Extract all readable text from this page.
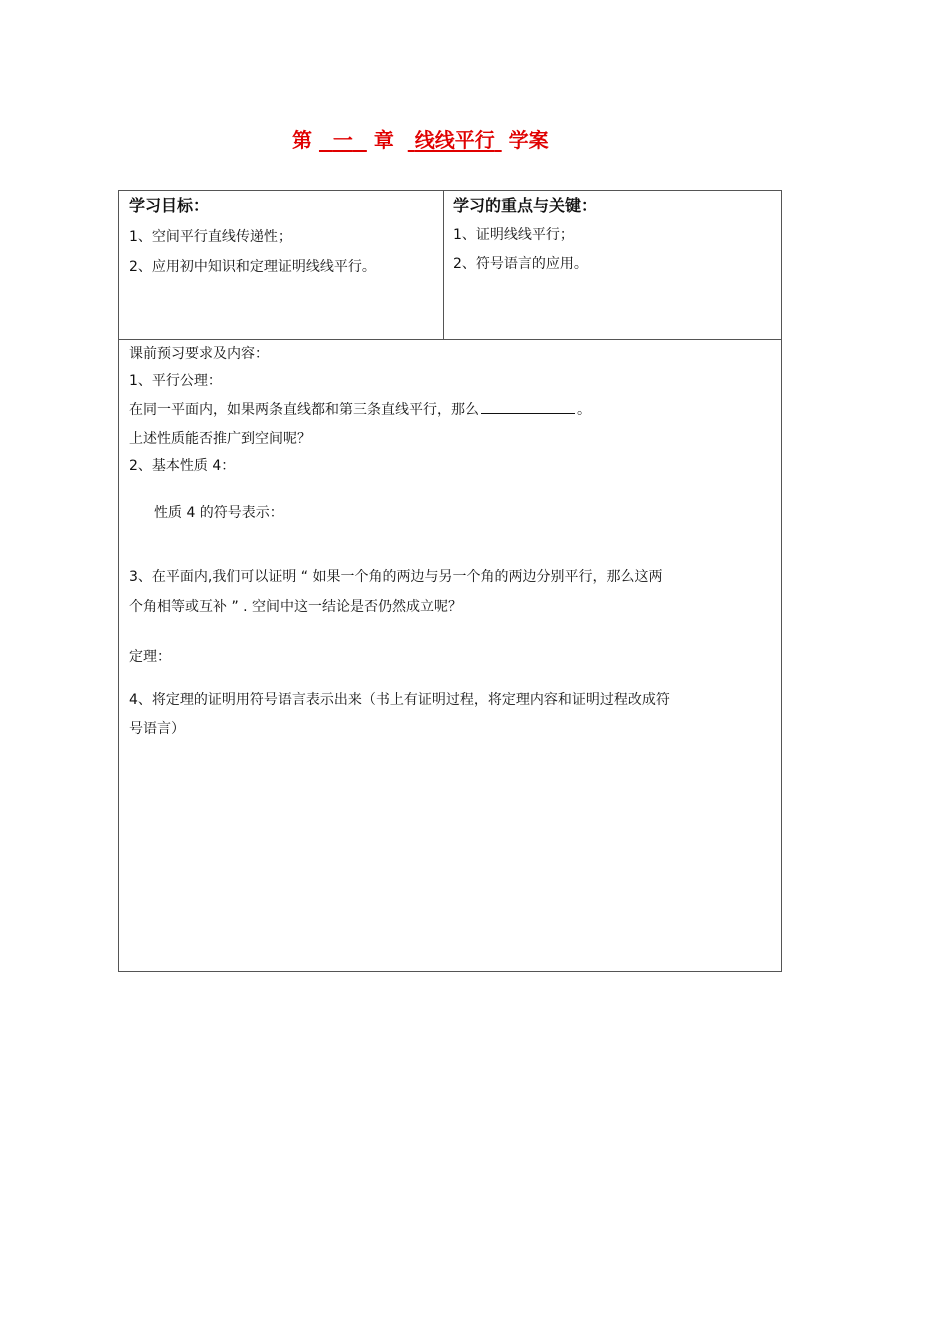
第 一 章 线线平行 学案
学习目标：
1、空间平行直线传递性；
2、应用初中知识和定理证明线线平行。
学习的重点与关键：
1、证明线线平行；
2、符号语言的应用。
课前预习要求及内容：
1、平行公理：
在同一平面内，如果两条直线都和第三条直线平行，那么	。
上述性质能否推广到空间呢？
2、基本性质 4：
性质 4 的符号表示：
3、在平面内,我们可以证明 “ 如果一个角的两边与另一个角的两边分别平行，那么这两
个角相等或互补 ” . 空间中这一结论是否仍然成立呢？
定理：
4、将定理的证明用符号语言表示出来（书上有证明过程，将定理内容和证明过程改成符
号语言）
